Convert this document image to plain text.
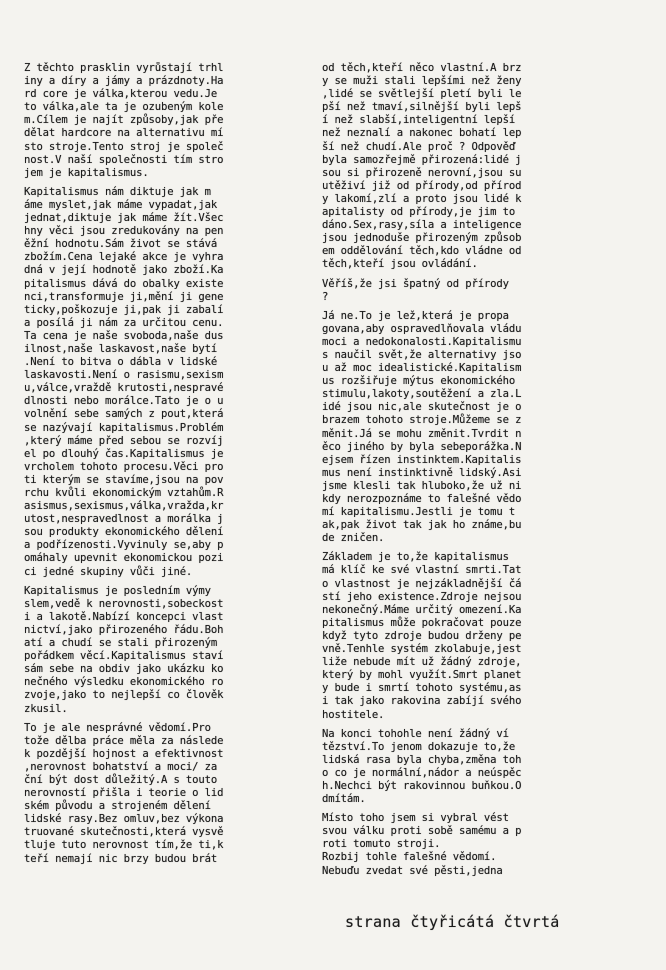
Z těchto prasklin vyrůstají trhl
iny a díry a jámy a prázdnoty.Ha
rd core je válka,kterou vedu.Je
to válka,ale ta je ozubeným kole
m.Cílem je najít způsoby,jak pře
dělat hardcore na alternativu mí
sto stroje.Tento stroj je společ
nost.V naší společnosti tím stro
jem je kapitalismus.
Kapitalismus nám diktuje jak m
áme myslet,jak máme vypadat,jak
jednat,diktuje jak máme žít.Všec
hny věci jsou zredukovány na pen
ěžní hodnotu.Sám život se stává
zbožím.Cena lejaké akce je vyhra
dná v její hodnotě jako zboží.Ka
pitalismus dává do obalky existe
nci,transformuje ji,mění ji gene
ticky,poškozuje ji,pak ji zabalí
a posílá ji nám za určitou cenu.
Ta cena je naše svoboda,naše dus
ilnost,naše laskavost,naše bytí
.Není to bitva o dábla v lidské
laskavosti.Není o rasismu,sexism
u,válce,vraždě krutosti,nespravé
dlnosti nebo morálce.Tato je o u
volnění sebe samých z pout,která
se nazývají kapitalismus.Problém
,který máme před sebou se rozvíj
el po dlouhý čas.Kapitalismus je
vrcholem tohoto procesu.Věci pro
ti kterým se stavíme,jsou na pov
rchu kvůli ekonomickým vztahům.R
asismus,sexismus,válka,vražda,kr
utost,nespravedlnost a morálka j
sou produkty ekonomického dělení
a podřízenosti.Vyvinuly se,aby p
omáhaly upevnit ekonomickou pozi
ci jedné skupiny vůči jiné.
Kapitalismus je posledním výmy
slem,vedě k nerovnosti,sobeckost
i a lakotě.Nabízí koncepci vlast
nictví,jako přirozeného řádu.Boh
atí a chudí se stali přirozeným
pořádkem věcí.Kapitalismus staví
sám sebe na obdiv jako ukázku ko
nečného výsledku ekonomického ro
zvoje,jako to nejlepší co člověk
zkusil.
To je ale nesprávné vědomí.Pro
tože dělba práce měla za následe
k pozdější hojnost a efektivnost
,nerovnost bohatství a moci/ za
ční být dost důležitý.A s touto
nerovností přišla i teorie o lid
ském původu a strojeném dělení
lidské rasy.Bez omluv,bez výkona
truované skutečnosti,která vysvě
tluje tuto nerovnost tím,že ti,k
teří nemají nic brzy budou brát
od těch,kteří něco vlastní.A brz
y se muži stali lepšími než ženy
,lidé se světlejší pletí byli le
pší než tmaví,silnější byli lepš
í než slabší,inteligentní lepší
než neznalí a nakonec bohatí lep
ší než chudí.Ale proč ? Odpověď
byla samozřejmě přirozená:lidé j
sou si přirozeně nerovní,jsou su
utěživí již od přírody,od přírod
y lakomí,zlí a proto jsou lidé k
apitalisty od přírody,je jim to
dáno.Sex,rasy,síla a inteligence
jsou jednoduše přirozeným způsob
em oddělování těch,kdo vládne od
těch,kteří jsou ovládání.
Věříš,že jsi špatný od přírody
?
Já ne.To je lež,která je propa
govana,aby ospravedlňovala vládu
moci a nedokonalosti.Kapitalismu
s naučil svět,že alternativy jso
u až moc idealistické.Kapitalism
us rozšiřuje mýtus ekonomického
stimulu,lakoty,soutěžení a zla.L
idé jsou nic,ale skutečnost je o
brazem tohoto stroje.Můžeme se z
měnit.Já se mohu změnit.Tvrdit n
ěco jiného by byla sebeporážka.N
ejsem řízen instinktem.Kapitalis
mus není instinktivně lidský.Asi
jsme klesli tak hluboko,že už ni
kdy nerozpoznáme to falešné vědo
mí kapitalismu.Jestli je tomu t
ak,pak život tak jak ho známe,bu
de zničen.
Základem je to,že kapitalismus
má klíč ke své vlastní smrti.Tat
o vlastnost je nejzákladnější čá
stí jeho existence.Zdroje nejsou
nekonečný.Máme určitý omezení.Ka
pitalismus může pokračovat pouze
když tyto zdroje budou drženy pe
vně.Tenhle systém zkolabuje,jest
liže nebude mít už žádný zdroje,
který by mohl využít.Smrt planet
y bude i smrtí tohoto systému,as
i tak jako rakovina zabíjí svého
hostitele.
Na konci tohohle není žádný ví
tězství.To jenom dokazuje to,že
lidská rasa byla chyba,změna toh
o co je normální,nádor a neúspěc
h.Nechci být rakovinnou buňkou.O
dmítám.
Místo toho jsem si vybral vést
svou válku proti sobě samému a p
roti tomuto stroji.
Rozbij tohle falešné vědomí.
Nebuďu zvedat své pěsti,jedna
strana čtyřicátá čtvrtá
